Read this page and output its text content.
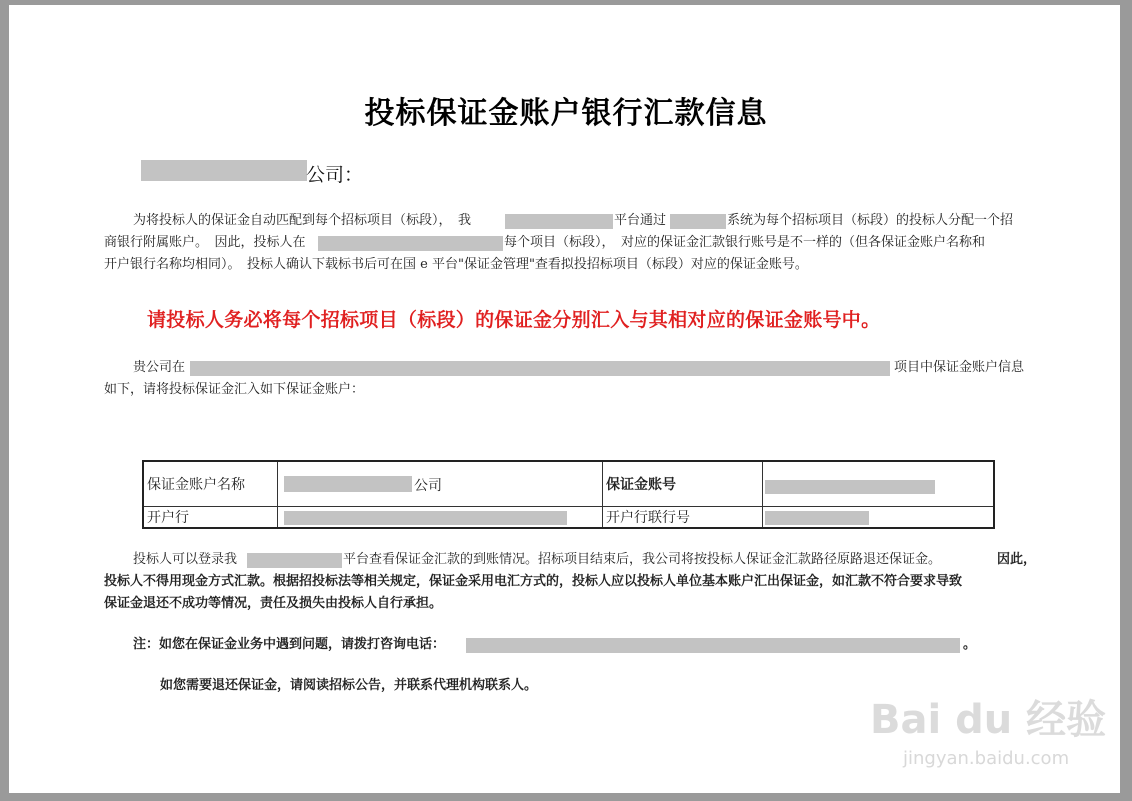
投标保证金账户银行汇款信息
公司：
为将投标人的保证金自动匹配到每个招标项目（标段），　我	平台通过	系统为每个招标项目（标段）的投标人分配一个招
商银行附属账户。　因此，投标人在	每个项目（标段），　对应的保证金汇款银行账号是不一样的（但各保证金账户名称和
开户银行名称均相同）。　投标人确认下载标书后可在国 e 平台"保证金管理"查看拟投招标项目（标段）对应的保证金账号。
请投标人务必将每个招标项目（标段）的保证金分别汇入与其相对应的保证金账号中。
贵公司在	项目中保证金账户信息
如下，请将投标保证金汇入如下保证金账户：
保证金账户名称	公司	保证金账号	

开户行		开户行联行号	
投标人可以登录我	平台查看保证金汇款的到账情况。招标项目结束后，我公司将按投标人保证金汇款路径原路退还保证金。	因此，
投标人不得用现金方式汇款。根据招投标法等相关规定，保证金采用电汇方式的，投标人应以投标人单位基本账户汇出保证金，如汇款不符合要求导致
保证金退还不成功等情况，责任及损失由投标人自行承担。
注：如您在保证金业务中遇到问题，请拨打咨询电话：	。
如您需要退还保证金，请阅读招标公告，并联系代理机构联系人。
Bai du 经验
jingyan.baidu.com
